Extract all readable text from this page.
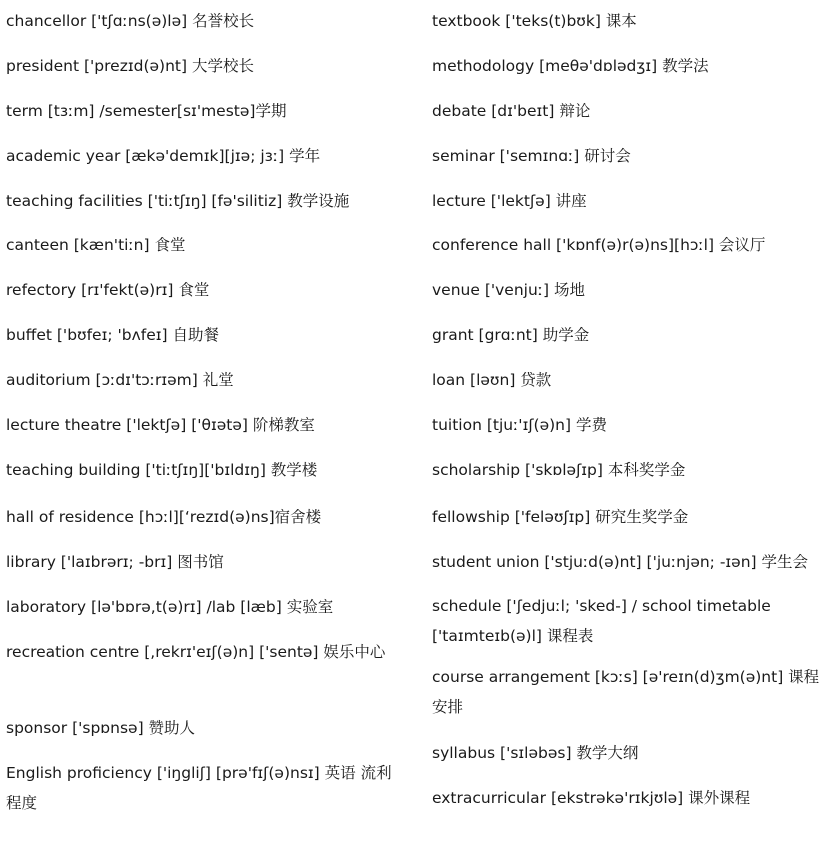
chancellor ['tʃɑːns(ə)lə] 名誉校长
president ['prezɪd(ə)nt] 大学校长
term [tɜːm] /semester[sɪ'mestə]学期
academic year [ækə'demɪk][jɪə; jɜː] 学年
teaching facilities ['tiːtʃɪŋ] [fə'silitiz] 教学设施
canteen [kæn'tiːn] 食堂
refectory [rɪ'fekt(ə)rɪ] 食堂
buffet ['bʊfeɪ; 'bʌfeɪ] 自助餐
auditorium [ɔːdɪ'tɔːrɪəm] 礼堂
lecture theatre ['lektʃə] ['θɪətə] 阶梯教室
teaching building ['tiːtʃɪŋ]['bɪldɪŋ] 教学楼
hall of residence [hɔːl][‘rezɪd(ə)ns]宿舍楼
library ['laɪbrərɪ; -brɪ] 图书馆
laboratory [lə'bɒrə,t(ə)rɪ] /lab [læb] 实验室
recreation centre [,rekrɪ'eɪʃ(ə)n] ['sentə] 娱乐中心
sponsor ['spɒnsə] 赞助人
English proficiency ['iŋgliʃ] [prə'fɪʃ(ə)nsɪ] 英语 流利程度
textbook ['teks(t)bʊk] 课本
methodology [meθə'dɒlədʒɪ] 教学法
debate [dɪ'beɪt] 辩论
seminar ['semɪnɑː] 研讨会
lecture ['lektʃə] 讲座
conference hall ['kɒnf(ə)r(ə)ns][hɔːl] 会议厅
venue ['venjuː] 场地
grant [grɑːnt] 助学金
loan [ləʊn] 贷款
tuition [tjuː'ɪʃ(ə)n] 学费
scholarship ['skɒləʃɪp] 本科奖学金
fellowship ['feləʊʃɪp] 研究生奖学金
student union ['stjuːd(ə)nt] ['juːnjən; -ɪən] 学生会
schedule ['ʃedjuːl; 'sked-] / school timetable ['taɪmteɪb(ə)l] 课程表
course arrangement [kɔːs] [ə'reɪn(d)ʒm(ə)nt] 课程安排
syllabus ['sɪləbəs] 教学大纲
extracurricular [ekstrəkə'rɪkjʊlə] 课外课程
